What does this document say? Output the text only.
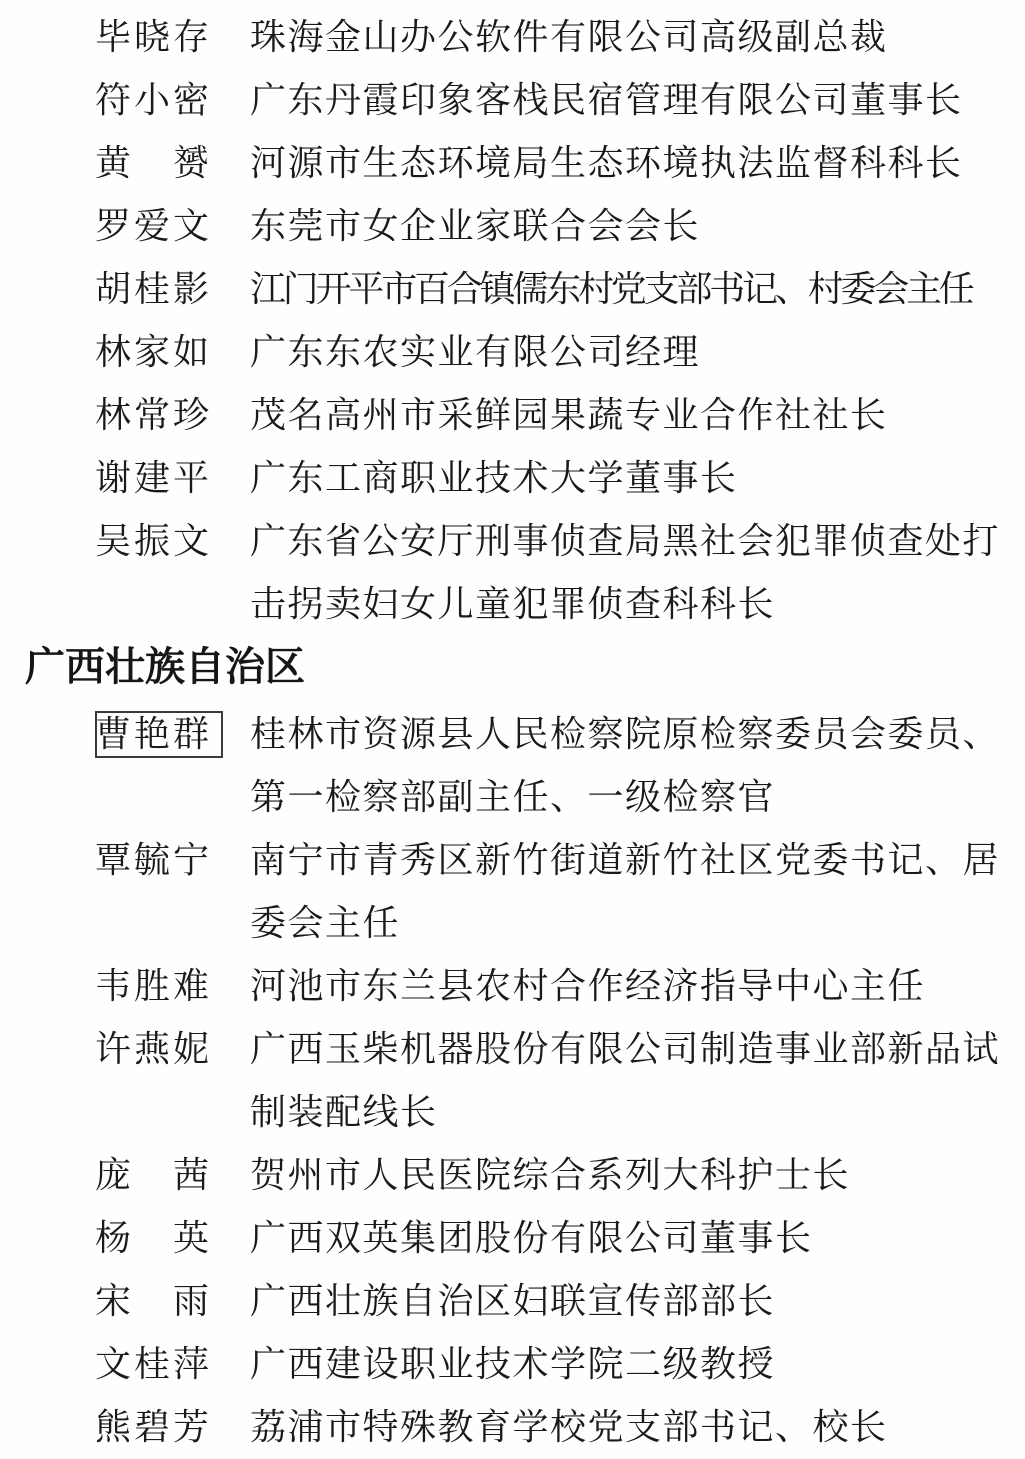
毕晓存 珠海金山办公软件有限公司高级副总裁
符小密 广东丹霞印象客栈民宿管理有限公司董事长
黄赟 河源市生态环境局生态环境执法监督科科长
罗爱文 东莞市女企业家联合会会长
胡桂影 江门开平市百合镇儒东村党支部书记、村委会主任
林家如 广东东农实业有限公司经理
林常珍 茂名高州市采鲜园果蔬专业合作社社长
谢建平 广东工商职业技术大学董事长
吴振文 广东省公安厅刑事侦查局黑社会犯罪侦查处打
击拐卖妇女儿童犯罪侦查科科长
广西壮族自治区
曹艳群 桂林市资源县人民检察院原检察委员会委员、
第一检察部副主任、一级检察官
覃毓宁 南宁市青秀区新竹街道新竹社区党委书记、居
委会主任
韦胜难 河池市东兰县农村合作经济指导中心主任
许燕妮 广西玉柴机器股份有限公司制造事业部新品试
制装配线长
庞茜 贺州市人民医院综合系列大科护士长
杨英 广西双英集团股份有限公司董事长
宋雨 广西壮族自治区妇联宣传部部长
文桂萍 广西建设职业技术学院二级教授
熊碧芳 荔浦市特殊教育学校党支部书记、校长
